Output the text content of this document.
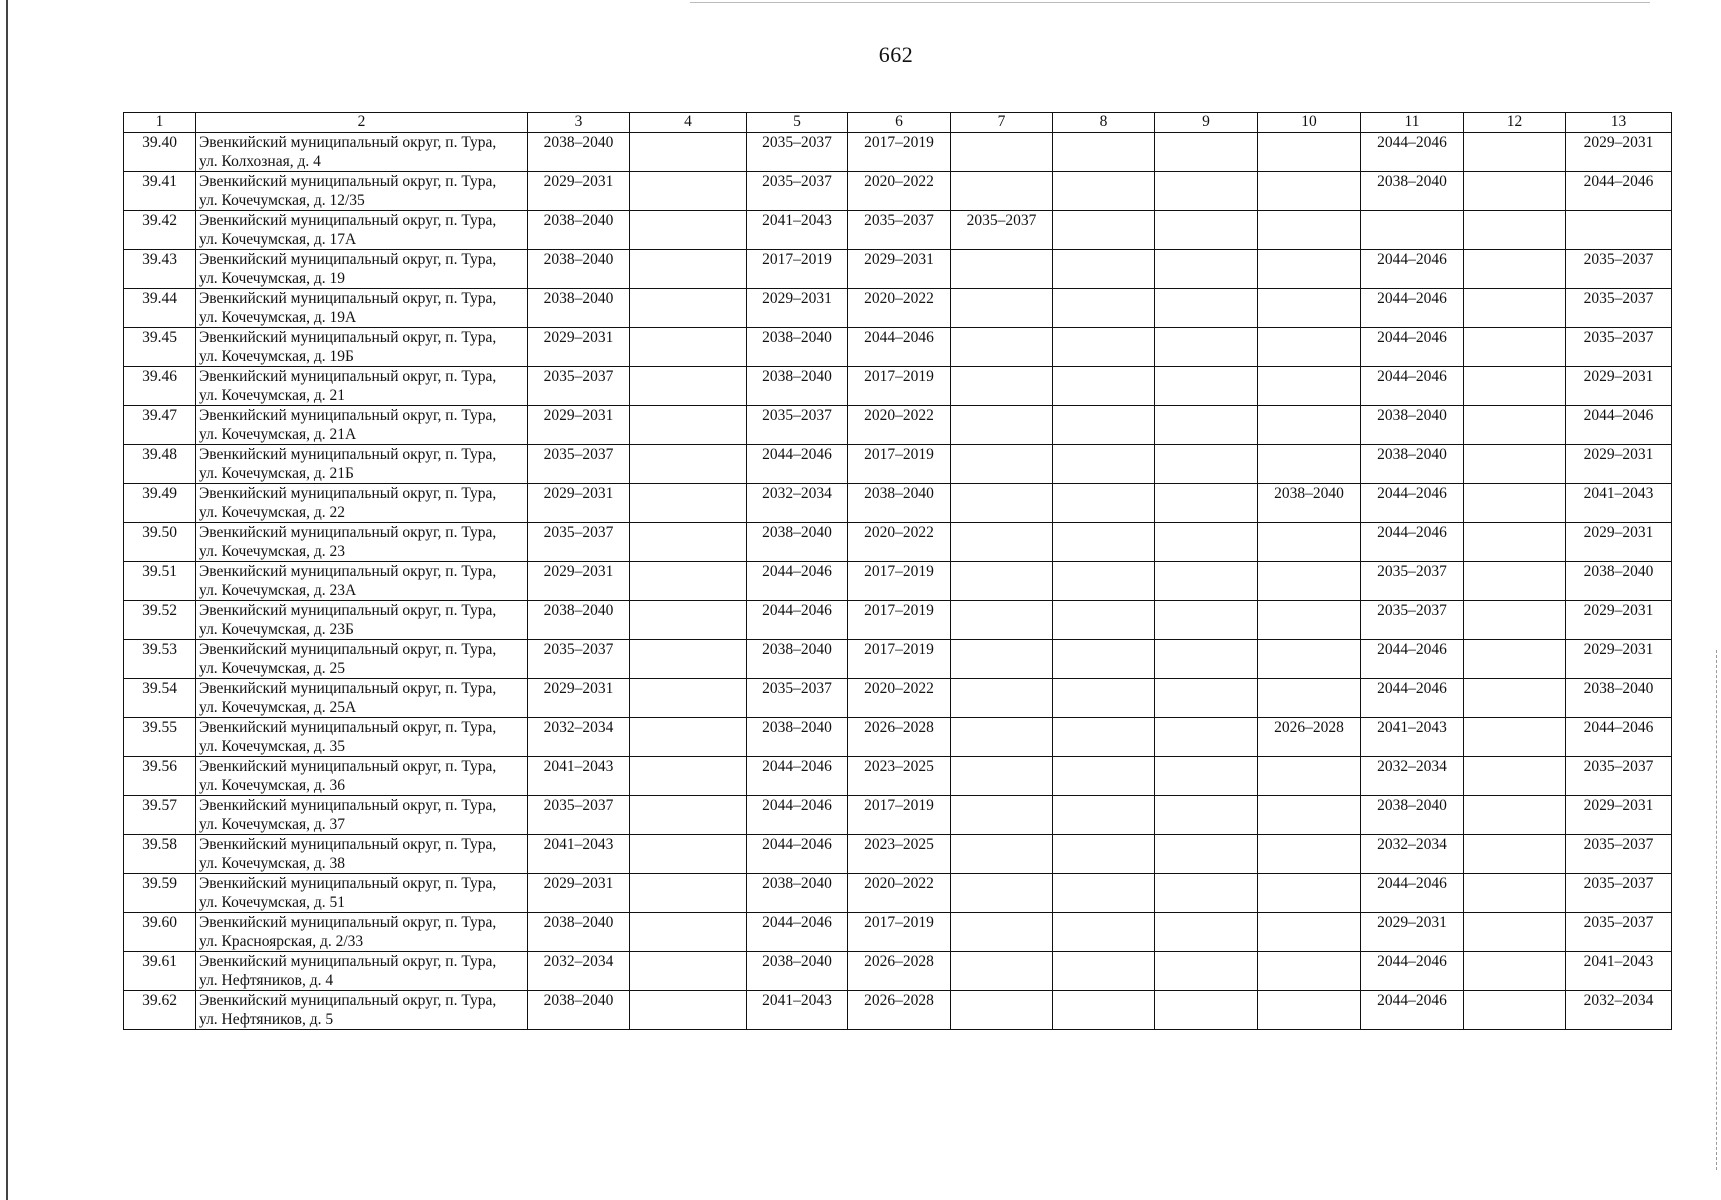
662
1	2	3	4	5	6	7	8	9	10	11	12	13
39.40	Эвенкийский муниципальный округ, п. Тура,
ул. Колхозная, д. 4	2038–2040		2035–2037	2017–2019					2044–2046		2029–2031
39.41	Эвенкийский муниципальный округ, п. Тура,
ул. Кочечумская, д. 12/35	2029–2031		2035–2037	2020–2022					2038–2040		2044–2046
39.42	Эвенкийский муниципальный округ, п. Тура,
ул. Кочечумская, д. 17А	2038–2040		2041–2043	2035–2037	2035–2037						
39.43	Эвенкийский муниципальный округ, п. Тура,
ул. Кочечумская, д. 19	2038–2040		2017–2019	2029–2031					2044–2046		2035–2037
39.44	Эвенкийский муниципальный округ, п. Тура,
ул. Кочечумская, д. 19А	2038–2040		2029–2031	2020–2022					2044–2046		2035–2037
39.45	Эвенкийский муниципальный округ, п. Тура,
ул. Кочечумская, д. 19Б	2029–2031		2038–2040	2044–2046					2044–2046		2035–2037
39.46	Эвенкийский муниципальный округ, п. Тура,
ул. Кочечумская, д. 21	2035–2037		2038–2040	2017–2019					2044–2046		2029–2031
39.47	Эвенкийский муниципальный округ, п. Тура,
ул. Кочечумская, д. 21А	2029–2031		2035–2037	2020–2022					2038–2040		2044–2046
39.48	Эвенкийский муниципальный округ, п. Тура,
ул. Кочечумская, д. 21Б	2035–2037		2044–2046	2017–2019					2038–2040		2029–2031
39.49	Эвенкийский муниципальный округ, п. Тура,
ул. Кочечумская, д. 22	2029–2031		2032–2034	2038–2040				2038–2040	2044–2046		2041–2043
39.50	Эвенкийский муниципальный округ, п. Тура,
ул. Кочечумская, д. 23	2035–2037		2038–2040	2020–2022					2044–2046		2029–2031
39.51	Эвенкийский муниципальный округ, п. Тура,
ул. Кочечумская, д. 23А	2029–2031		2044–2046	2017–2019					2035–2037		2038–2040
39.52	Эвенкийский муниципальный округ, п. Тура,
ул. Кочечумская, д. 23Б	2038–2040		2044–2046	2017–2019					2035–2037		2029–2031
39.53	Эвенкийский муниципальный округ, п. Тура,
ул. Кочечумская, д. 25	2035–2037		2038–2040	2017–2019					2044–2046		2029–2031
39.54	Эвенкийский муниципальный округ, п. Тура,
ул. Кочечумская, д. 25А	2029–2031		2035–2037	2020–2022					2044–2046		2038–2040
39.55	Эвенкийский муниципальный округ, п. Тура,
ул. Кочечумская, д. 35	2032–2034		2038–2040	2026–2028				2026–2028	2041–2043		2044–2046
39.56	Эвенкийский муниципальный округ, п. Тура,
ул. Кочечумская, д. 36	2041–2043		2044–2046	2023–2025					2032–2034		2035–2037
39.57	Эвенкийский муниципальный округ, п. Тура,
ул. Кочечумская, д. 37	2035–2037		2044–2046	2017–2019					2038–2040		2029–2031
39.58	Эвенкийский муниципальный округ, п. Тура,
ул. Кочечумская, д. 38	2041–2043		2044–2046	2023–2025					2032–2034		2035–2037
39.59	Эвенкийский муниципальный округ, п. Тура,
ул. Кочечумская, д. 51	2029–2031		2038–2040	2020–2022					2044–2046		2035–2037
39.60	Эвенкийский муниципальный округ, п. Тура,
ул. Красноярская, д. 2/33	2038–2040		2044–2046	2017–2019					2029–2031		2035–2037
39.61	Эвенкийский муниципальный округ, п. Тура,
ул. Нефтяников, д. 4	2032–2034		2038–2040	2026–2028					2044–2046		2041–2043
39.62	Эвенкийский муниципальный округ, п. Тура,
ул. Нефтяников, д. 5	2038–2040		2041–2043	2026–2028					2044–2046		2032–2034
